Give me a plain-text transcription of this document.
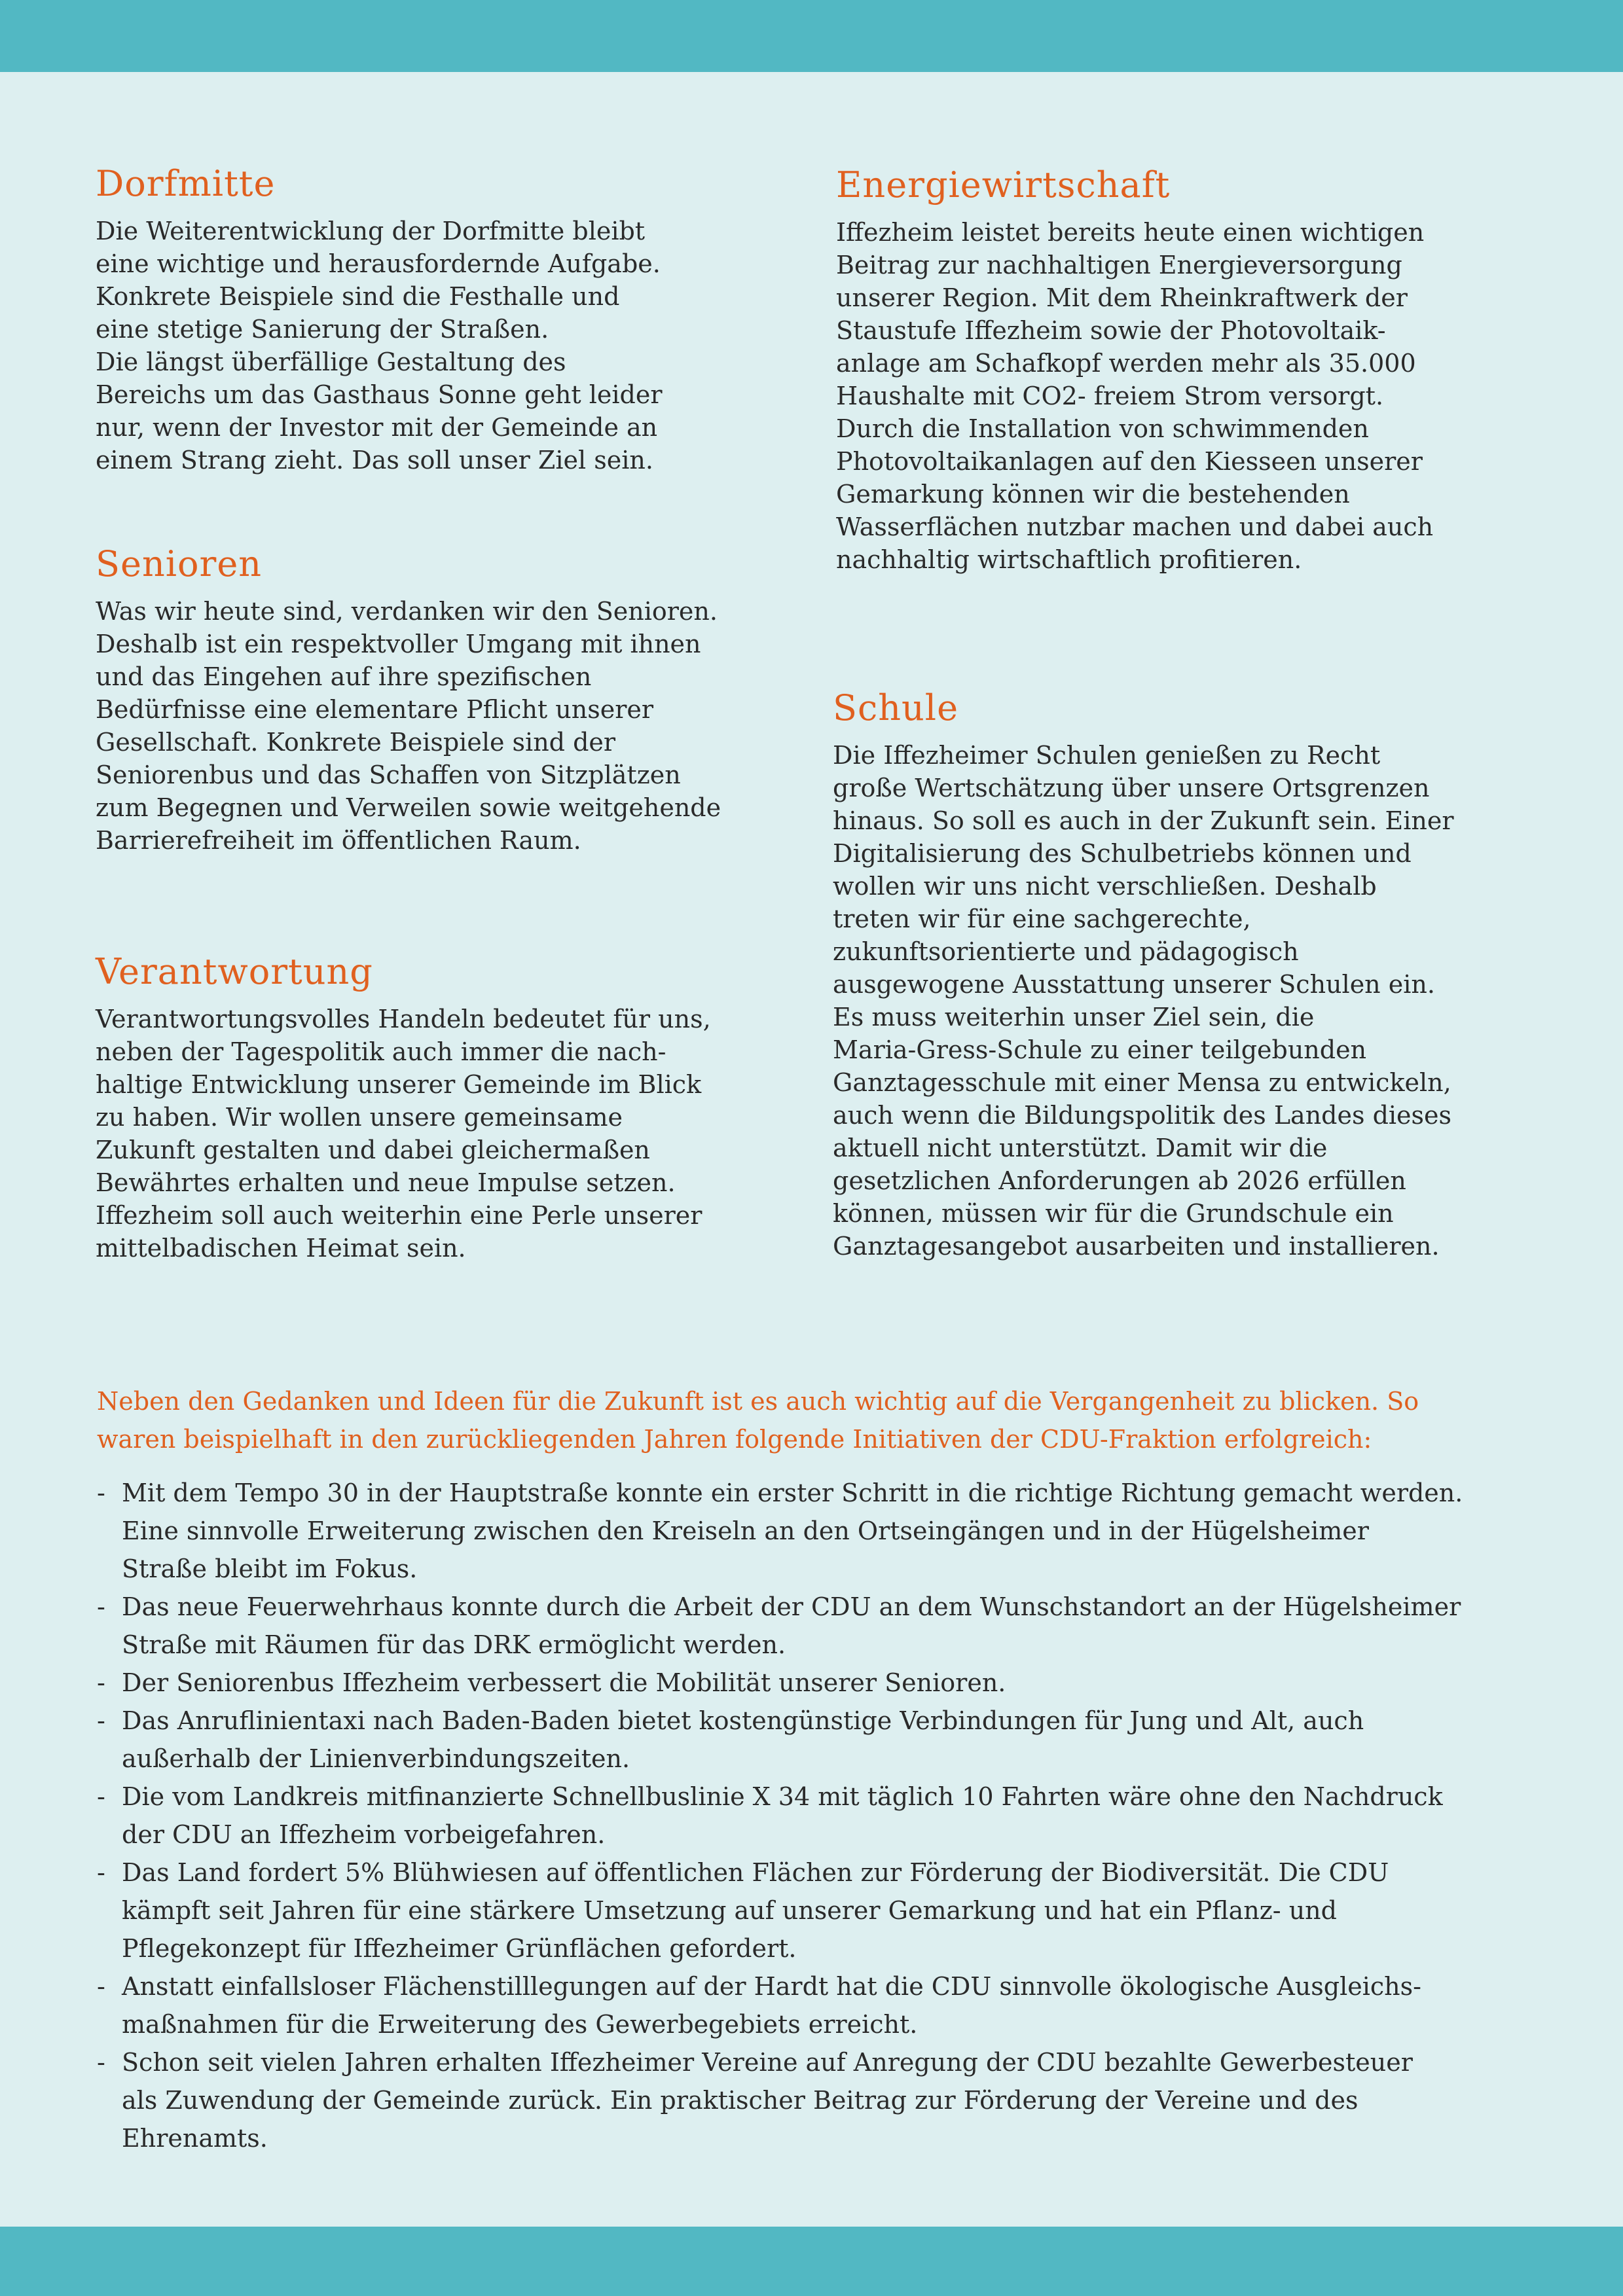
Dorfmitte

Die Weiterentwicklung der Dorfmitte bleibt
eine wichtige und herausfordernde Aufgabe.
Konkrete Beispiele sind die Festhalle und
eine stetige Sanierung der Straßen.
Die längst überfällige Gestaltung des
Bereichs um das Gasthaus Sonne geht leider
nur, wenn der Investor mit der Gemeinde an
einem Strang zieht. Das soll unser Ziel sein.

Senioren

Was wir heute sind, verdanken wir den Senioren.
Deshalb ist ein respektvoller Umgang mit ihnen
und das Eingehen auf ihre spezifischen
Bedürfnisse eine elementare Pflicht unserer
Gesellschaft. Konkrete Beispiele sind der
Seniorenbus und das Schaffen von Sitzplätzen
zum Begegnen und Verweilen sowie weitgehende
Barrierefreiheit im öffentlichen Raum.

Verantwortung

Verantwortungsvolles Handeln bedeutet für uns,
neben der Tagespolitik auch immer die nach-
haltige Entwicklung unserer Gemeinde im Blick
zu haben. Wir wollen unsere gemeinsame
Zukunft gestalten und dabei gleichermaßen
Bewährtes erhalten und neue Impulse setzen.
Iffezheim soll auch weiterhin eine Perle unserer
mittelbadischen Heimat sein.

Energiewirtschaft

Iffezheim leistet bereits heute einen wichtigen
Beitrag zur nachhaltigen Energieversorgung
unserer Region. Mit dem Rheinkraftwerk der
Staustufe Iffezheim sowie der Photovoltaik-
anlage am Schafkopf werden mehr als 35.000
Haushalte mit CO2- freiem Strom versorgt.
Durch die Installation von schwimmenden
Photovoltaikanlagen auf den Kiesseen unserer
Gemarkung können wir die bestehenden
Wasserflächen nutzbar machen und dabei auch
nachhaltig wirtschaftlich profitieren.

Schule

Die Iffezheimer Schulen genießen zu Recht
große Wertschätzung über unsere Ortsgrenzen
hinaus. So soll es auch in der Zukunft sein. Einer
Digitalisierung des Schulbetriebs können und
wollen wir uns nicht verschließen. Deshalb
treten wir für eine sachgerechte,
zukunftsorientierte und pädagogisch
ausgewogene Ausstattung unserer Schulen ein.
Es muss weiterhin unser Ziel sein, die
Maria-Gress-Schule zu einer teilgebunden
Ganztagesschule mit einer Mensa zu entwickeln,
auch wenn die Bildungspolitik des Landes dieses
aktuell nicht unterstützt. Damit wir die
gesetzlichen Anforderungen ab 2026 erfüllen
können, müssen wir für die Grundschule ein
Ganztagesangebot ausarbeiten und installieren.

Neben den Gedanken und Ideen für die Zukunft ist es auch wichtig auf die Vergangenheit zu blicken. So
waren beispielhaft in den zurückliegenden Jahren folgende Initiativen der CDU-Fraktion erfolgreich:

- Mit dem Tempo 30 in der Hauptstraße konnte ein erster Schritt in die richtige Richtung gemacht werden.
Eine sinnvolle Erweiterung zwischen den Kreiseln an den Ortseingängen und in der Hügelsheimer
Straße bleibt im Fokus.
- Das neue Feuerwehrhaus konnte durch die Arbeit der CDU an dem Wunschstandort an der Hügelsheimer
Straße mit Räumen für das DRK ermöglicht werden.
- Der Seniorenbus Iffezheim verbessert die Mobilität unserer Senioren.
- Das Anruflinientaxi nach Baden-Baden bietet kostengünstige Verbindungen für Jung und Alt, auch
außerhalb der Linienverbindungszeiten.
- Die vom Landkreis mitfinanzierte Schnellbuslinie X 34 mit täglich 10 Fahrten wäre ohne den Nachdruck
der CDU an Iffezheim vorbeigefahren.
- Das Land fordert 5% Blühwiesen auf öffentlichen Flächen zur Förderung der Biodiversität. Die CDU
kämpft seit Jahren für eine stärkere Umsetzung auf unserer Gemarkung und hat ein Pflanz- und
Pflegekonzept für Iffezheimer Grünflächen gefordert.
- Anstatt einfallsloser Flächenstilllegungen auf der Hardt hat die CDU sinnvolle ökologische Ausgleichs-
maßnahmen für die Erweiterung des Gewerbegebiets erreicht.
- Schon seit vielen Jahren erhalten Iffezheimer Vereine auf Anregung der CDU bezahlte Gewerbesteuer
als Zuwendung der Gemeinde zurück. Ein praktischer Beitrag zur Förderung der Vereine und des
Ehrenamts.
